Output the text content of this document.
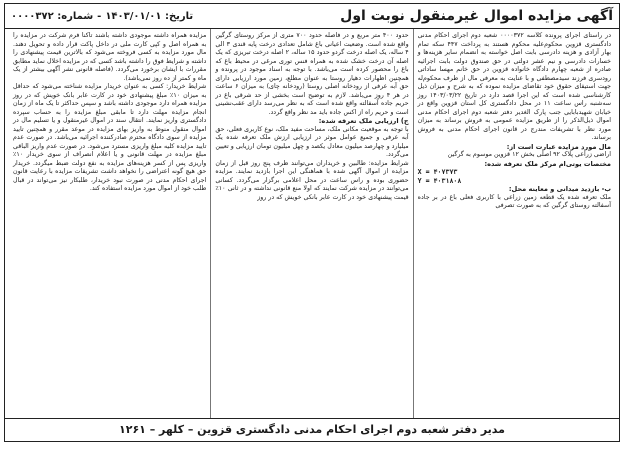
آگهی مزایده اموال غیرمنقول نوبت اول
تاریخ: ۱۴۰۳/۰۱/۰۱
-
شماره: ۰۰۰۰۳۷۲

در راستای اجرای پرونده کلاسه ۰۰۰۰۳۷۲ شعبه دوم اجرای احکام مدنی دادگستری قزوین محکوم‌علیه محکوم هستند به پرداخت ۴۴۷ سکه تمام بهار آزادی و هزینه دادرسی بابت اصل خواسته به انضمام سایر هزینه‌ها و خسارات دادرسی و نیم عشر دولتی در حق صندوق دولت بابت اجرائیه صادره از شعبه چهارم دادگاه خانواده قزوین در حق خانم مهسا ساداتی رودسری فرزند سیدمصطفی و با عنایت به معرفی مال از طرف محکوم‌له جهت استیفای حقوق خود تقاضای مزایده نموده که به شرح و میزان ذیل کارشناسی شده است که این اجرا قصد دارد در تاریخ ۱۴۰۳/۰۳/۲۲ روز سه‌شنبه راس ساعت ۱۱ در محل دادگستری کل استان قزوین واقع در خیابان شهیدبابایی جنب پارک الغدیر دفتر شعبه دوم اجرای احکام مدنی اموال ذیل‌الذکر را از طریق مزایده عمومی به فروش برساند به میزان مورد نظر با تشریفات مندرج در قانون اجرای احکام مدنی به فروش برساند.

مال مورد مزایده عبارت است از:

اراضی زراعی پلاک ۹۲ اصلی بخش ۱۲ قزوین موسوم به گرگین

مختصات یوتی‌ام مرکز ملک تعرفه شده:

X = ۴۰۷۳۷۳

Y = ۴۰۳۱۸۰۸

ب- بازدید میدانی و معاینه محل:

ملک تعرفه شده یک قطعه زمین زراعی با کاربری فعلی باغ در بر جاده آسفالته روستای گرگین که به صورت تصرفی

حدود ۴۰۰ متر مربع و در فاصله حدود ۷۰۰ متری از مرکز روستای گرگین واقع شده است. وضعیت اعیانی باغ شامل تعدادی درخت پایه قندی ۳ الی ۴ ساله، یک اصله درخت گردو حدود ۱۵ ساله، ۲ اصله درخت تبریزی که یک اصله آن درخت خشک شده به همراه فنس توری مرغی در محیط باغ که باغ را محصور کرده است می‌باشد. با توجه به اسناد موجود در پرونده و همچنین اظهارات دهیار روستا به عنوان مطلع، زمین مورد ارزیابی دارای حق آبه عرفی از رودخانه اصلی روستا (رودخانه چای) به میزان ۶ ساعت در هر ۴ روز می‌باشد. لازم به توضیح است بخشی از حد شرقی باغ در حریم جاده آسفالته واقع شده است که به نظر می‌رسد دارای عقب‌نشینی است و حریم راه از اکس جاده باید مد نظر واقع گردد.

ج) ارزیابی ملک تعرفه شده:

با توجه به موقعیت مکانی ملک، مساحت مفید ملک، نوع کاربری فعلی، حق آبه عرفی و جمیع عوامل موثر در ارزیابی ارزش ملک تعرفه شده یک میلیارد و چهارصد میلیون معادل یکصد و چهل میلیون تومان ارزیابی و تعیین می‌گردد.

شرایط مزایده: طالبین و خریداران می‌توانند ظرف پنج روز قبل از زمان مزایده از اموال آگهی شده با هماهنگی این اجرا بازدید نمایند. مزایده حضوری بوده و راس ساعت در محل اعلامی برگزار می‌گردد. کسانی می‌توانند در مزایده شرکت نمایند که اولا منع قانونی نداشته و در ثانی ۱۰٪ قیمت پیشنهادی خود در کارت عابر بانکی خویش که در روز

مزایده همراه داشته موجودی داشته باشند تاکنا فرم شرکت در مزایده را به همراه اصل و کپی کارت ملی در داخل پاکت قرار داده و تحویل دهند. مال مورد مزایده به کسی فروخته می‌شود که بالاترین قیمت پیشنهادی را داشته و شرایط فوق را داشته باشد کسی که در مزایده اخلال نماید مطابق مقررات با ایشان برخورد می‌گردد. (فاصله قانونی نشر آگهی بیشتر از یک ماه و کمتر از ده روز نمی‌باشد).

شرایط خریدار: کسی به عنوان خریدار مزایده شناخته می‌شود که حداقل به میزان ۱۰٪ مبلغ پیشنهادی خود در کارت عابر بانک خویش که در روز مزایده همراه دارد موجودی داشته باشد و سپس حداکثر تا یک ماه از زمان انجام مزایده مهلت دارد تا مابقی مبلغ مزایده را به حساب سپرده دادگستری واریز نمایند. انتقال سند در اموال غیرمنقول و یا تسلیم مال در اموال منقول منوط به واریز بهای مزایده در موعد مقرر و همچنین تایید مزایده از سوی دادگاه محترم صادرکننده اجرائیه می‌باشد. در صورت عدم تایید مزایده کلیه مبلغ واریزی مسترد می‌شود. در صورت عدم واریز الباقی مبلغ مزایده در مهلت قانونی و یا اعلام انصراف از سوی خریدار ۱۰٪ واریزی پس از کسر هزینه‌های مزایده به نفع دولت ضبط میگردد. خریدار حق هیچ گونه اعتراضی را نخواهد داشت تشریفات مزایده با رعایت قانون اجرای احکام مدنی در صورت نبود خریدار، طلبکار نیز می‌تواند در قبال طلب خود از اموال مورد مزایده استفاده کند.

مدیر دفتر شعبه دوم اجرای احکام مدنی دادگستری قزوین – کلهر – ۱۲۶۱
